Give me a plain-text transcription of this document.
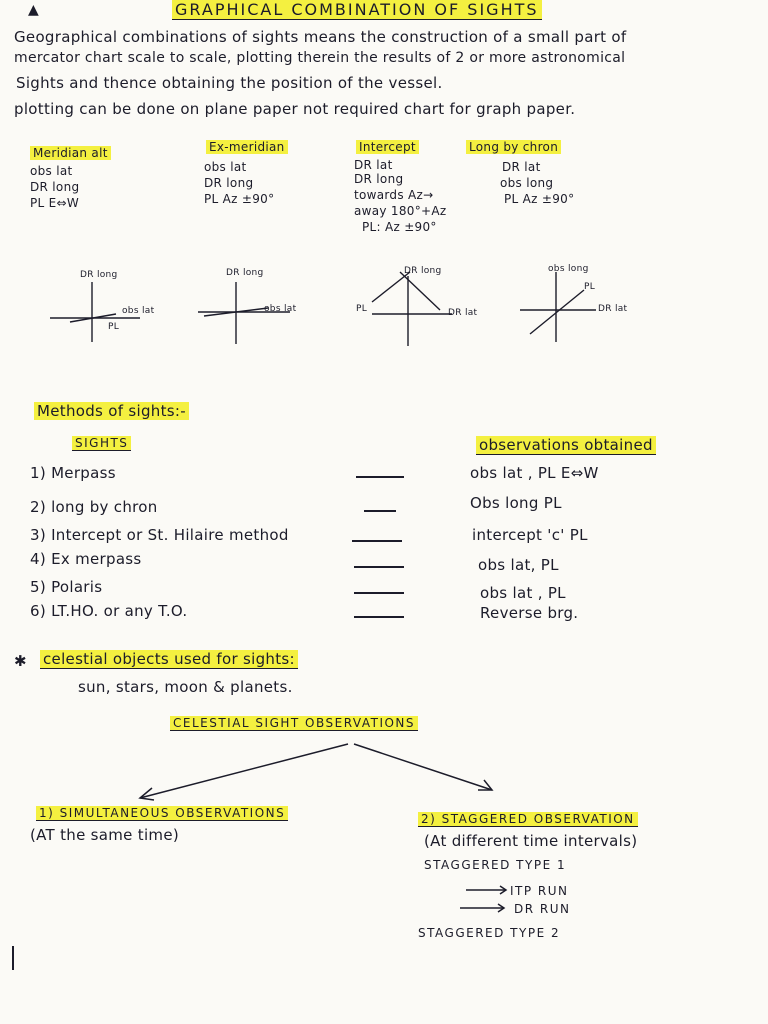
GRAPHICAL COMBINATION OF SIGHTS
▲
Geographical combinations of sights means the construction of a small part of
mercator chart scale to scale, plotting therein the results of 2 or more astronomical
Sights and thence obtaining the position of the vessel.
plotting can be done on plane paper not required chart for graph paper.
Meridian alt
obs lat
DR long
PL E⇔W
Ex-meridian
obs lat
DR long
PL Az ±90°
Intercept
DR lat
DR long
towards Az→
away 180°+Az
PL: Az ±90°
Long by chron
DR lat
obs long
PL Az ±90°
DR long
obs lat
PL
DR long
obs lat
DR long
DR lat
PL
obs long
DR lat
PL
Methods of sights:-
SIGHTS	observations obtained
1) Merpass	obs lat , PL E⇔W
2) long by chron	Obs long PL
3) Intercept or St. Hilaire method	intercept 'c' PL
4) Ex merpass	obs lat, PL
5) Polaris	obs lat , PL
6) LT.HO. or any T.O.	Reverse brg.
✱ celestial objects used for sights:
sun, stars, moon & planets.
CELESTIAL SIGHT OBSERVATIONS
1) SIMULTANEOUS OBSERVATIONS
(AT the same time)
2) STAGGERED OBSERVATION
(At different time intervals)
STAGGERED TYPE 1
ITP RUN
DR RUN
STAGGERED TYPE 2
